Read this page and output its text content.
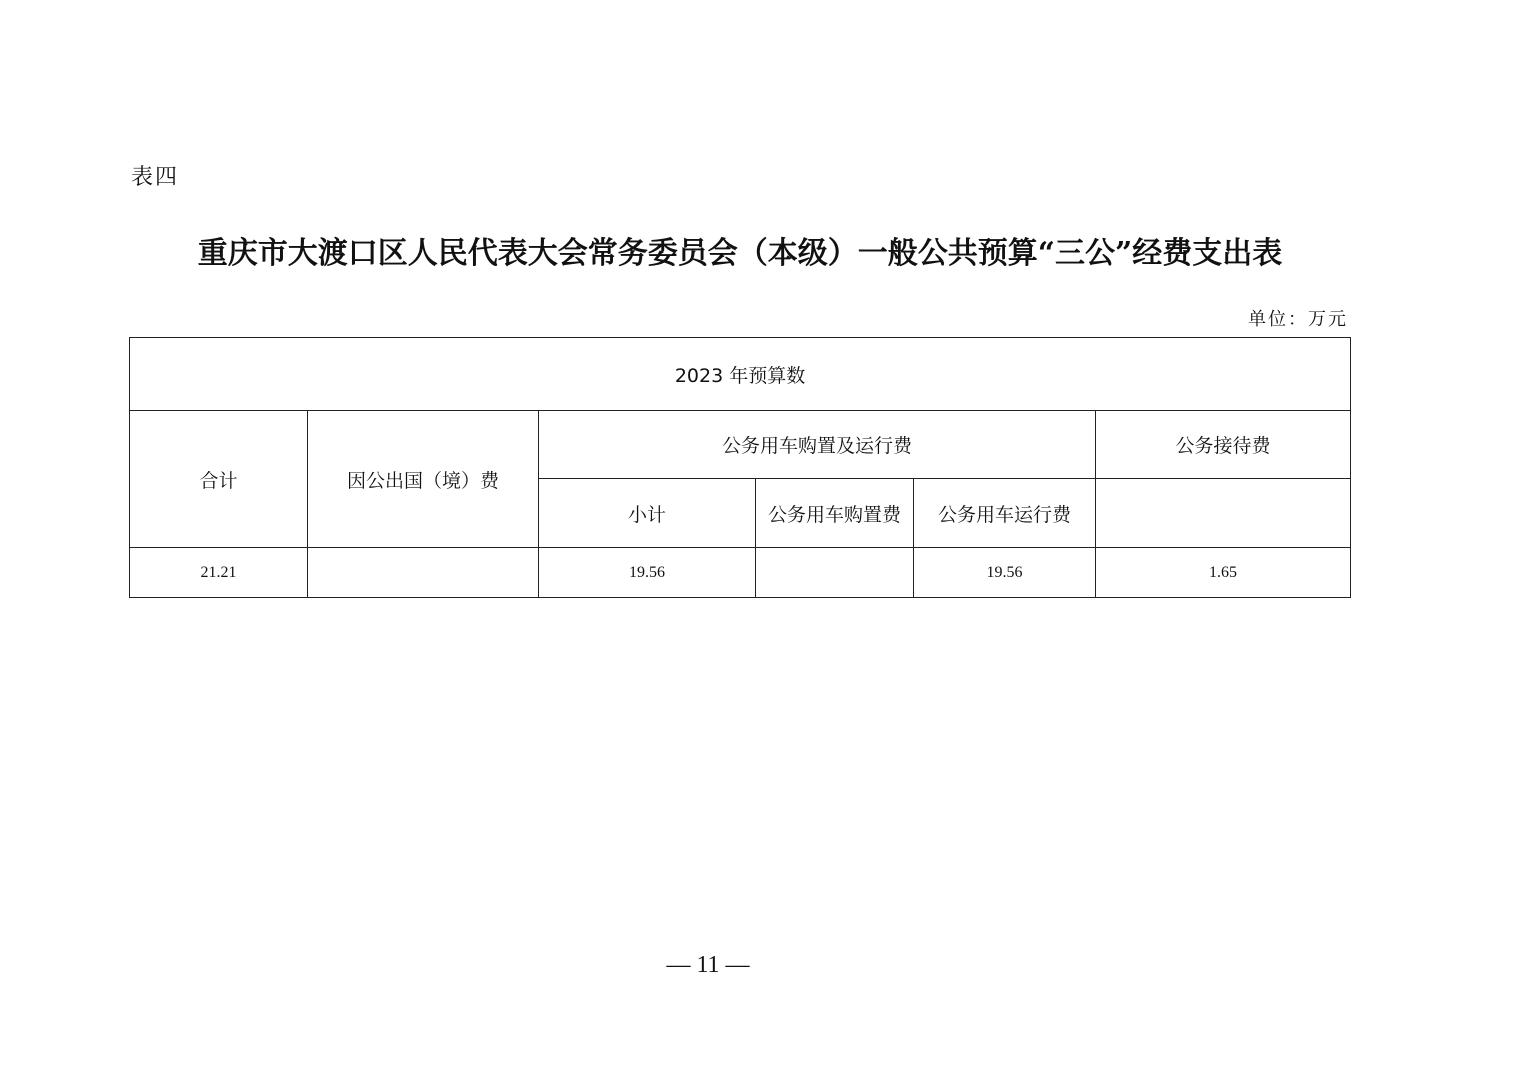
表四
重庆市大渡口区人民代表大会常务委员会（本级）一般公共预算“三公”经费支出表
单位：万元
2023 年预算数					
合计	因公出国（境）费	公务用车购置及运行费			公务接待费
		小计	公务用车购置费	公务用车运行费	
21.21		19.56		19.56	1.65
— 11 —
